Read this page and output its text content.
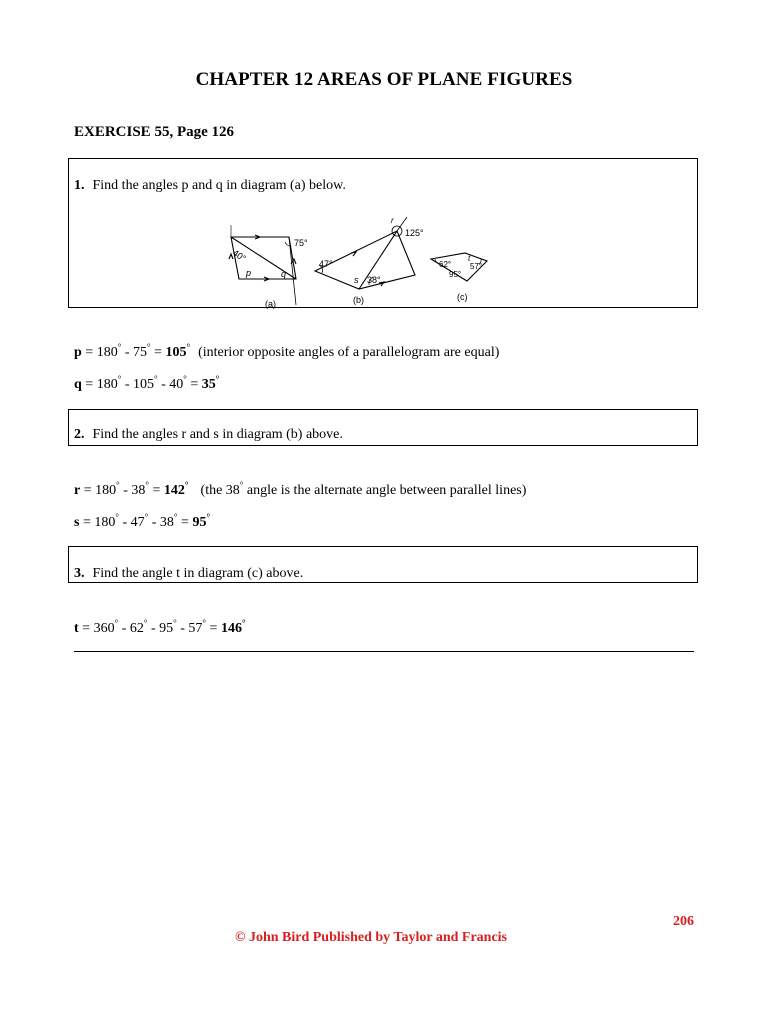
CHAPTER 12 AREAS OF PLANE FIGURES
EXERCISE 55, Page 126
1. Find the angles p and q in diagram (a) below.
75°
40°
p	q
(a)
125°
47°
38°
r
s
(b)
62° 57°
95°
t
(c)
p = 180° - 75° = 105° (interior opposite angles of a parallelogram are equal)
q = 180° - 105° - 40° = 35°
2. Find the angles r and s in diagram (b) above.
r = 180° - 38° = 142° (the 38° angle is the alternate angle between parallel lines)
s = 180° - 47° - 38° = 95°
3. Find the angle t in diagram (c) above.
t = 360° - 62° - 95° - 57° = 146°
206
© John Bird Published by Taylor and Francis
